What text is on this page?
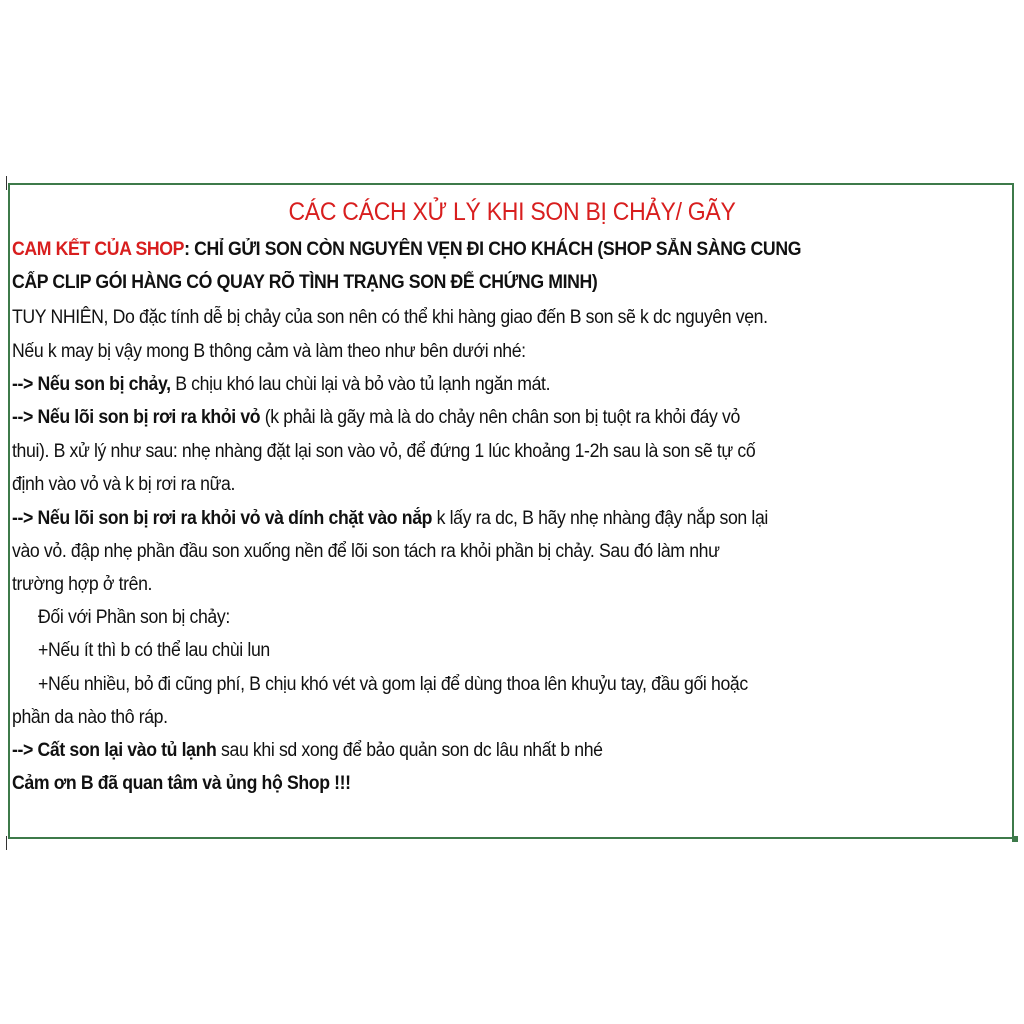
CÁC CÁCH XỬ LÝ KHI SON BỊ CHẢY/ GÃY
CAM KẾT CỦA SHOP: CHỈ GỬI SON CÒN NGUYÊN VẸN ĐI CHO KHÁCH (SHOP SẴN SÀNG CUNG
CẤP CLIP GÓI HÀNG CÓ QUAY RÕ TÌNH TRẠNG SON ĐỂ CHỨNG MINH)
TUY NHIÊN, Do đặc tính dễ bị chảy của son nên có thể khi hàng giao đến B son sẽ k dc nguyên vẹn.
Nếu k may bị vậy mong B thông cảm và làm theo như bên dưới nhé:
--> Nếu son bị chảy, B chịu khó lau chùi lại và bỏ vào tủ lạnh ngăn mát.
--> Nếu lõi son bị rơi ra khỏi vỏ (k phải là gãy mà là do chảy nên chân son bị tuột ra khỏi đáy vỏ
thui). B xử lý như sau: nhẹ nhàng đặt lại son vào vỏ, để đứng 1 lúc khoảng 1-2h sau là son sẽ tự cố
định vào vỏ và k bị rơi ra nữa.
--> Nếu lõi son bị rơi ra khỏi vỏ và dính chặt vào nắp k lấy ra dc, B hãy nhẹ nhàng đậy nắp son lại
vào vỏ. đập nhẹ phần đầu son xuống nền để lõi son tách ra khỏi phần bị chảy. Sau đó làm như
trường hợp ở trên.
Đối với Phần son bị chảy:
+Nếu ít thì b có thể lau chùi lun
+Nếu nhiều, bỏ đi cũng phí, B chịu khó vét và gom lại để dùng thoa lên khuỷu tay, đầu gối hoặc
phần da nào thô ráp.
--> Cất son lại vào tủ lạnh sau khi sd xong để bảo quản son dc lâu nhất b nhé
Cảm ơn B đã quan tâm và ủng hộ Shop !!!
